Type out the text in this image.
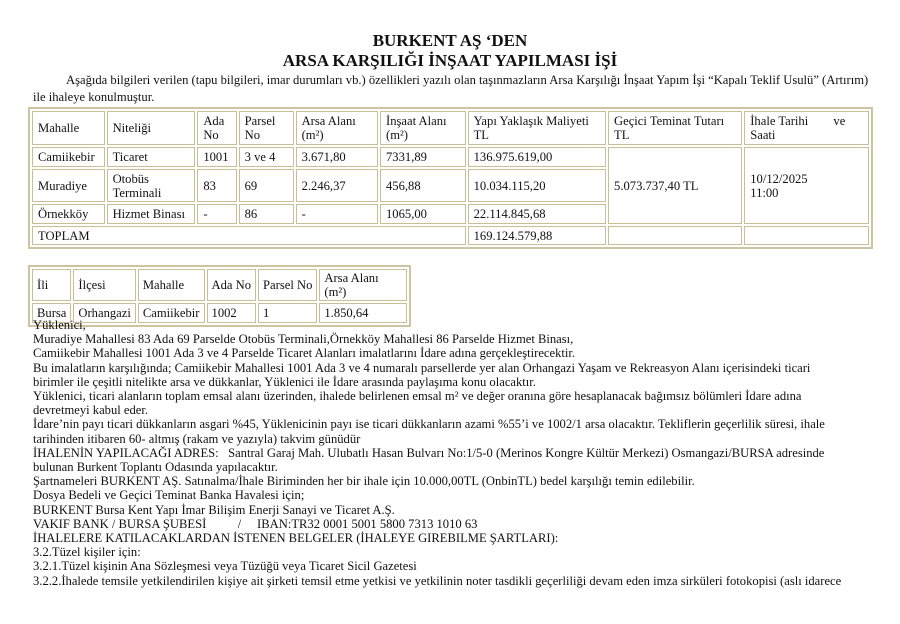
BURKENT AŞ ‘DEN
ARSA KARŞILIĞI İNŞAAT YAPILMASI İŞİ
Aşağıda bilgileri verilen (tapu bilgileri, imar durumları vb.) özellikleri yazılı olan taşınmazların Arsa Karşılığı İnşaat Yapım İşi “Kapalı Teklif Usulü” (Artırım) ile ihaleye konulmuştur.
Mahalle	Niteliği	Ada No	Parsel No	Arsa Alanı (m²)	İnşaat Alanı (m²)	Yapı Yaklaşık Maliyeti TL	Geçici Teminat Tutarı TL	İhale Tarihi        ve Saati
Camiikebir	Ticaret	1001	3 ve 4	3.671,80	7331,89	136.975.619,00	5.073.737,40 TL	10/12/2025
11:00

Muradiye	Otobüs Terminali	83	69	2.246,37	456,88	10.034.115,20		
Örnekköy	Hizmet Binası	-	86	-	1065,00	22.114.845,68		
TOPLAM						169.124.579,88		
İli	İlçesi	Mahalle	Ada No	Parsel No	Arsa Alanı (m²)
Bursa	Orhangazi	Camiikebir	1002	1	1.850,64
Yüklenici,
Muradiye Mahallesi 83 Ada 69 Parselde Otobüs Terminali,Örnekköy Mahallesi 86 Parselde Hizmet Binası,
Camiikebir Mahallesi 1001 Ada 3 ve 4 Parselde Ticaret Alanları imalatlarını İdare adına gerçekleştirecektir.
Bu imalatların karşılığında; Camiikebir Mahallesi 1001 Ada 3 ve 4 numaralı parsellerde yer alan Orhangazi Yaşam ve Rekreasyon Alanı içerisindeki ticari
birimler ile çeşitli nitelikte arsa ve dükkanlar, Yüklenici ile İdare arasında paylaşıma konu olacaktır.
Yüklenici, ticari alanların toplam emsal alanı üzerinden, ihalede belirlenen emsal m² ve değer oranına göre hesaplanacak bağımsız bölümleri İdare adına
devretmeyi kabul eder.
İdare’nin payı ticari dükkanların asgari %45, Yüklenicinin payı ise ticari dükkanların azami %55’i ve 1002/1 arsa olacaktır. Tekliflerin geçerlilik süresi, ihale
tarihinden itibaren 60- altmış (rakam ve yazıyla) takvim günüdür
İHALENİN YAPILACAĞI ADRES:   Santral Garaj Mah. Ulubatlı Hasan Bulvarı No:1/5-0 (Merinos Kongre Kültür Merkezi) Osmangazi/BURSA adresinde
bulunan Burkent Toplantı Odasında yapılacaktır.
Şartnameleri BURKENT AŞ. Satınalma/İhale Biriminden her bir ihale için 10.000,00TL (OnbinTL) bedel karşılığı temin edilebilir.
Dosya Bedeli ve Geçici Teminat Banka Havalesi için;
BURKENT Bursa Kent Yapı İmar Bilişim Enerji Sanayi ve Ticaret A.Ş.
VAKIF BANK / BURSA ŞUBESİ          /     IBAN:TR32 0001 5001 5800 7313 1010 63
İHALELERE KATILACAKLARDAN İSTENEN BELGELER (İHALEYE GIREBILME ŞARTLARI):
3.2.Tüzel kişiler için:
3.2.1.Tüzel kişinin Ana Sözleşmesi veya Tüzüğü veya Ticaret Sicil Gazetesi
3.2.2.İhalede temsile yetkilendirilen kişiye ait şirketi temsil etme yetkisi ve yetkilinin noter tasdikli geçerliliği devam eden imza sirküleri fotokopisi (aslı idarece
